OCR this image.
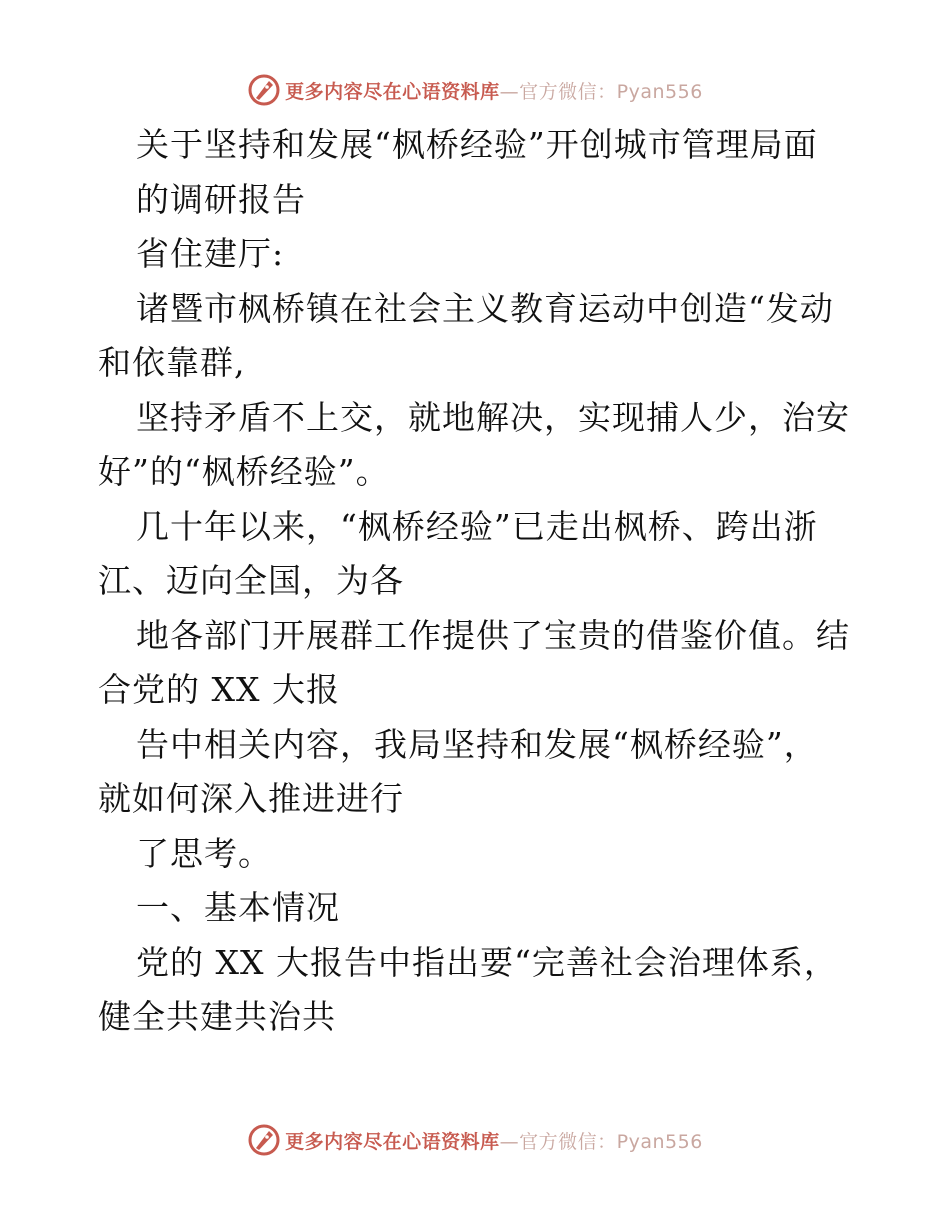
更多内容尽在心语资料库—官方微信：Pyan556
关于坚持和发展“枫桥经验”开创城市管理局面
的调研报告
省住建厅:
诸暨市枫桥镇在社会主义教育运动中创造“发动
和依靠群,
坚持矛盾不上交，就地解决，实现捕人少，治安
好”的“枫桥经验”。
几十年以来，“枫桥经验”已走出枫桥、跨出浙
江、迈向全国，为各
地各部门开展群工作提供了宝贵的借鉴价值。结
合党的 XX 大报
告中相关内容，我局坚持和发展“枫桥经验”，
就如何深入推进进行
了思考。
一、基本情况
党的 XX 大报告中指出要“完善社会治理体系，
健全共建共治共
更多内容尽在心语资料库—官方微信：Pyan556
